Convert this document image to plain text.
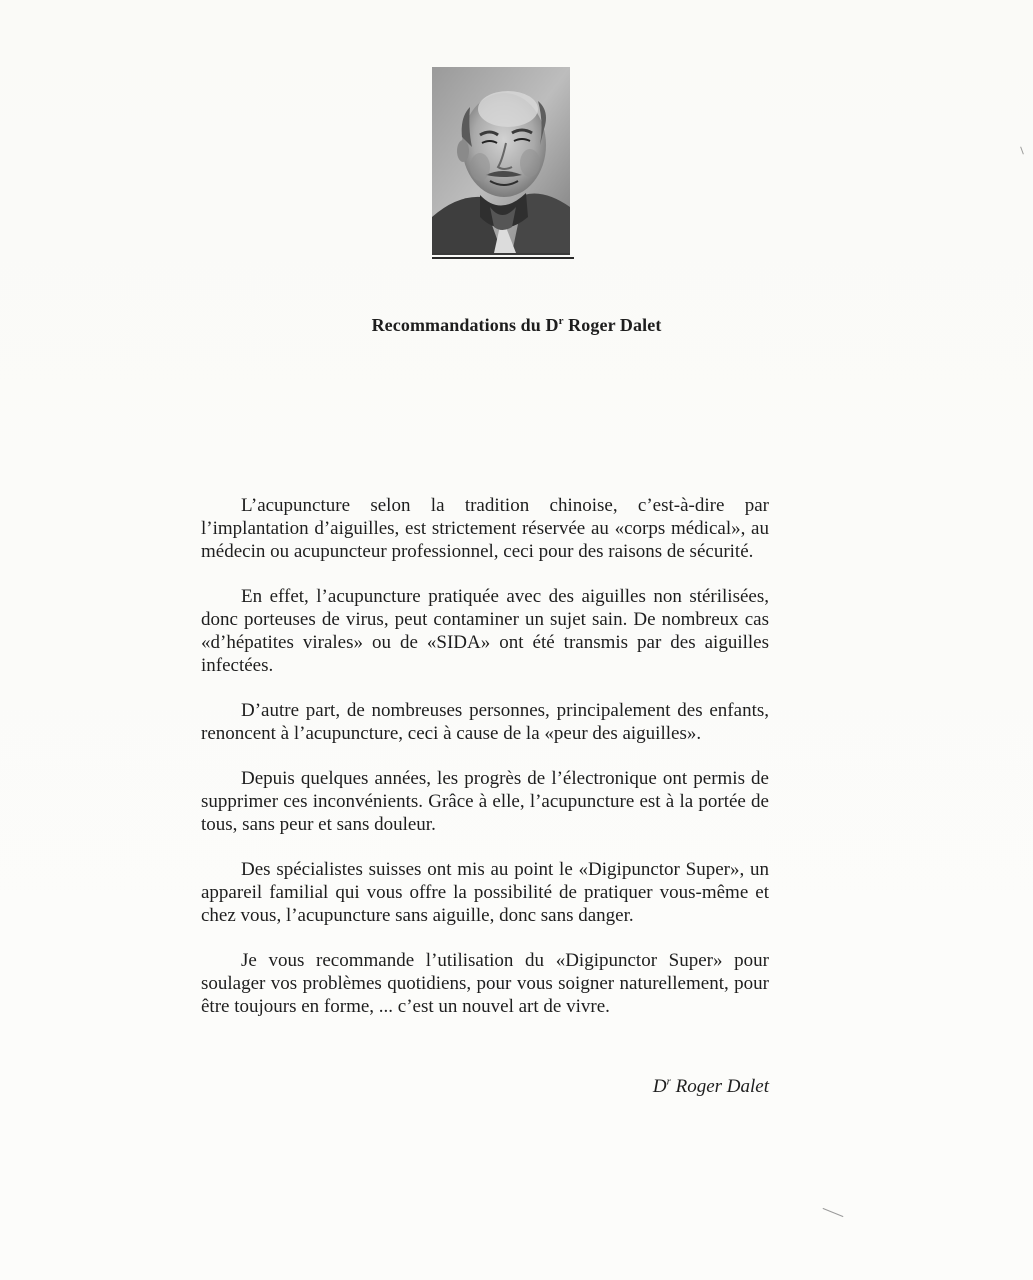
Recommandations du $D^r$ Roger Dalet

L’acupuncture selon la tradition chinoise, c’est-à-dire par l’implantation d’aiguilles, est strictement réservée au «corps médical», au médecin ou acupuncteur professionnel, ceci pour des raisons de sécurité.

En effet, l’acupuncture pratiquée avec des aiguilles non stérilisées, donc porteuses de virus, peut contaminer un sujet sain. De nombreux cas «d’hépatites virales» ou de «SIDA» ont été transmis par des aiguilles infectées.

D’autre part, de nombreuses personnes, principalement des enfants, renoncent à l’acupuncture, ceci à cause de la «peur des aiguilles».

Depuis quelques années, les progrès de l’électronique ont permis de supprimer ces inconvénients. Grâce à elle, l’acupuncture est à la portée de tous, sans peur et sans douleur.

Des spécialistes suisses ont mis au point le «Digipunctor Super», un appareil familial qui vous offre la possibilité de pratiquer vous-même et chez vous, l’acupuncture sans aiguille, donc sans danger.

Je vous recommande l’utilisation du «Digipunctor Super» pour soulager vos problèmes quotidiens, pour vous soigner naturellement, pour être toujours en forme, ... c’est un nouvel art de vivre.

$D^r$ Roger Dalet
